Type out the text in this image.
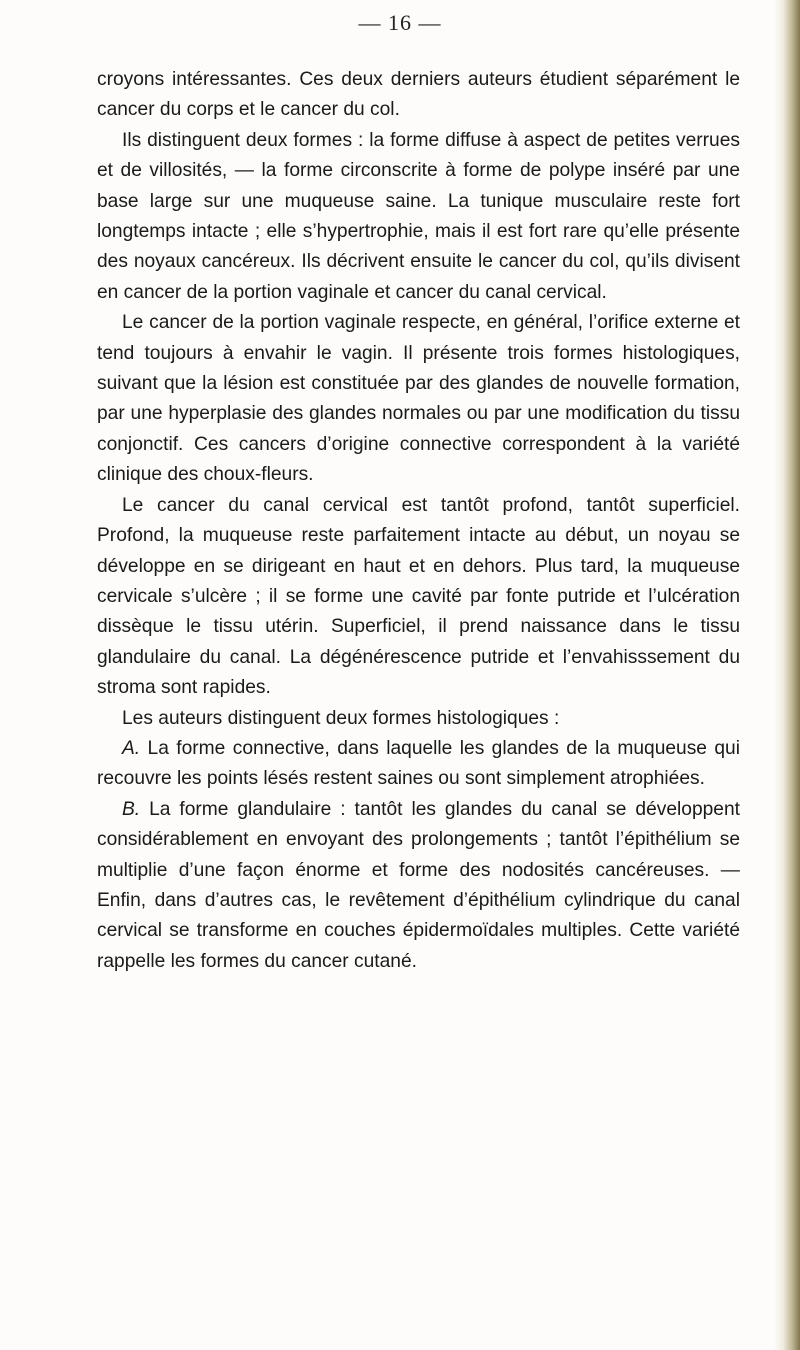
— 16 —

croyons intéressantes. Ces deux derniers auteurs étudient séparément le cancer du corps et le cancer du col.

Ils distinguent deux formes : la forme diffuse à aspect de petites verrues et de villosités, — la forme circonscrite à forme de polype inséré par une base large sur une muqueuse saine. La tunique musculaire reste fort longtemps intacte ; elle s’hypertrophie, mais il est fort rare qu’elle présente des noyaux cancéreux. Ils décrivent ensuite le cancer du col, qu’ils divisent en cancer de la portion vaginale et cancer du canal cervical.

Le cancer de la portion vaginale respecte, en général, l’orifice externe et tend toujours à envahir le vagin. Il présente trois formes histologiques, suivant que la lésion est constituée par des glandes de nouvelle formation, par une hyperplasie des glandes normales ou par une modification du tissu conjonctif. Ces cancers d’origine connective correspondent à la variété clinique des choux-fleurs.

Le cancer du canal cervical est tantôt profond, tantôt superficiel. Profond, la muqueuse reste parfaitement intacte au début, un noyau se développe en se dirigeant en haut et en dehors. Plus tard, la muqueuse cervicale s’ulcère ; il se forme une cavité par fonte putride et l’ulcération dissèque le tissu utérin. Superficiel, il prend naissance dans le tissu glandulaire du canal. La dégénérescence putride et l’envahisssement du stroma sont rapides.

Les auteurs distinguent deux formes histologiques :

A. La forme connective, dans laquelle les glandes de la muqueuse qui recouvre les points lésés restent saines ou sont simplement atrophiées.

B. La forme glandulaire : tantôt les glandes du canal se développent considérablement en envoyant des prolongements ; tantôt l’épithélium se multiplie d’une façon énorme et forme des nodosités cancéreuses. — Enfin, dans d’autres cas, le revêtement d’épithélium cylindrique du canal cervical se transforme en couches épidermoïdales multiples. Cette variété rappelle les formes du cancer cutané.
